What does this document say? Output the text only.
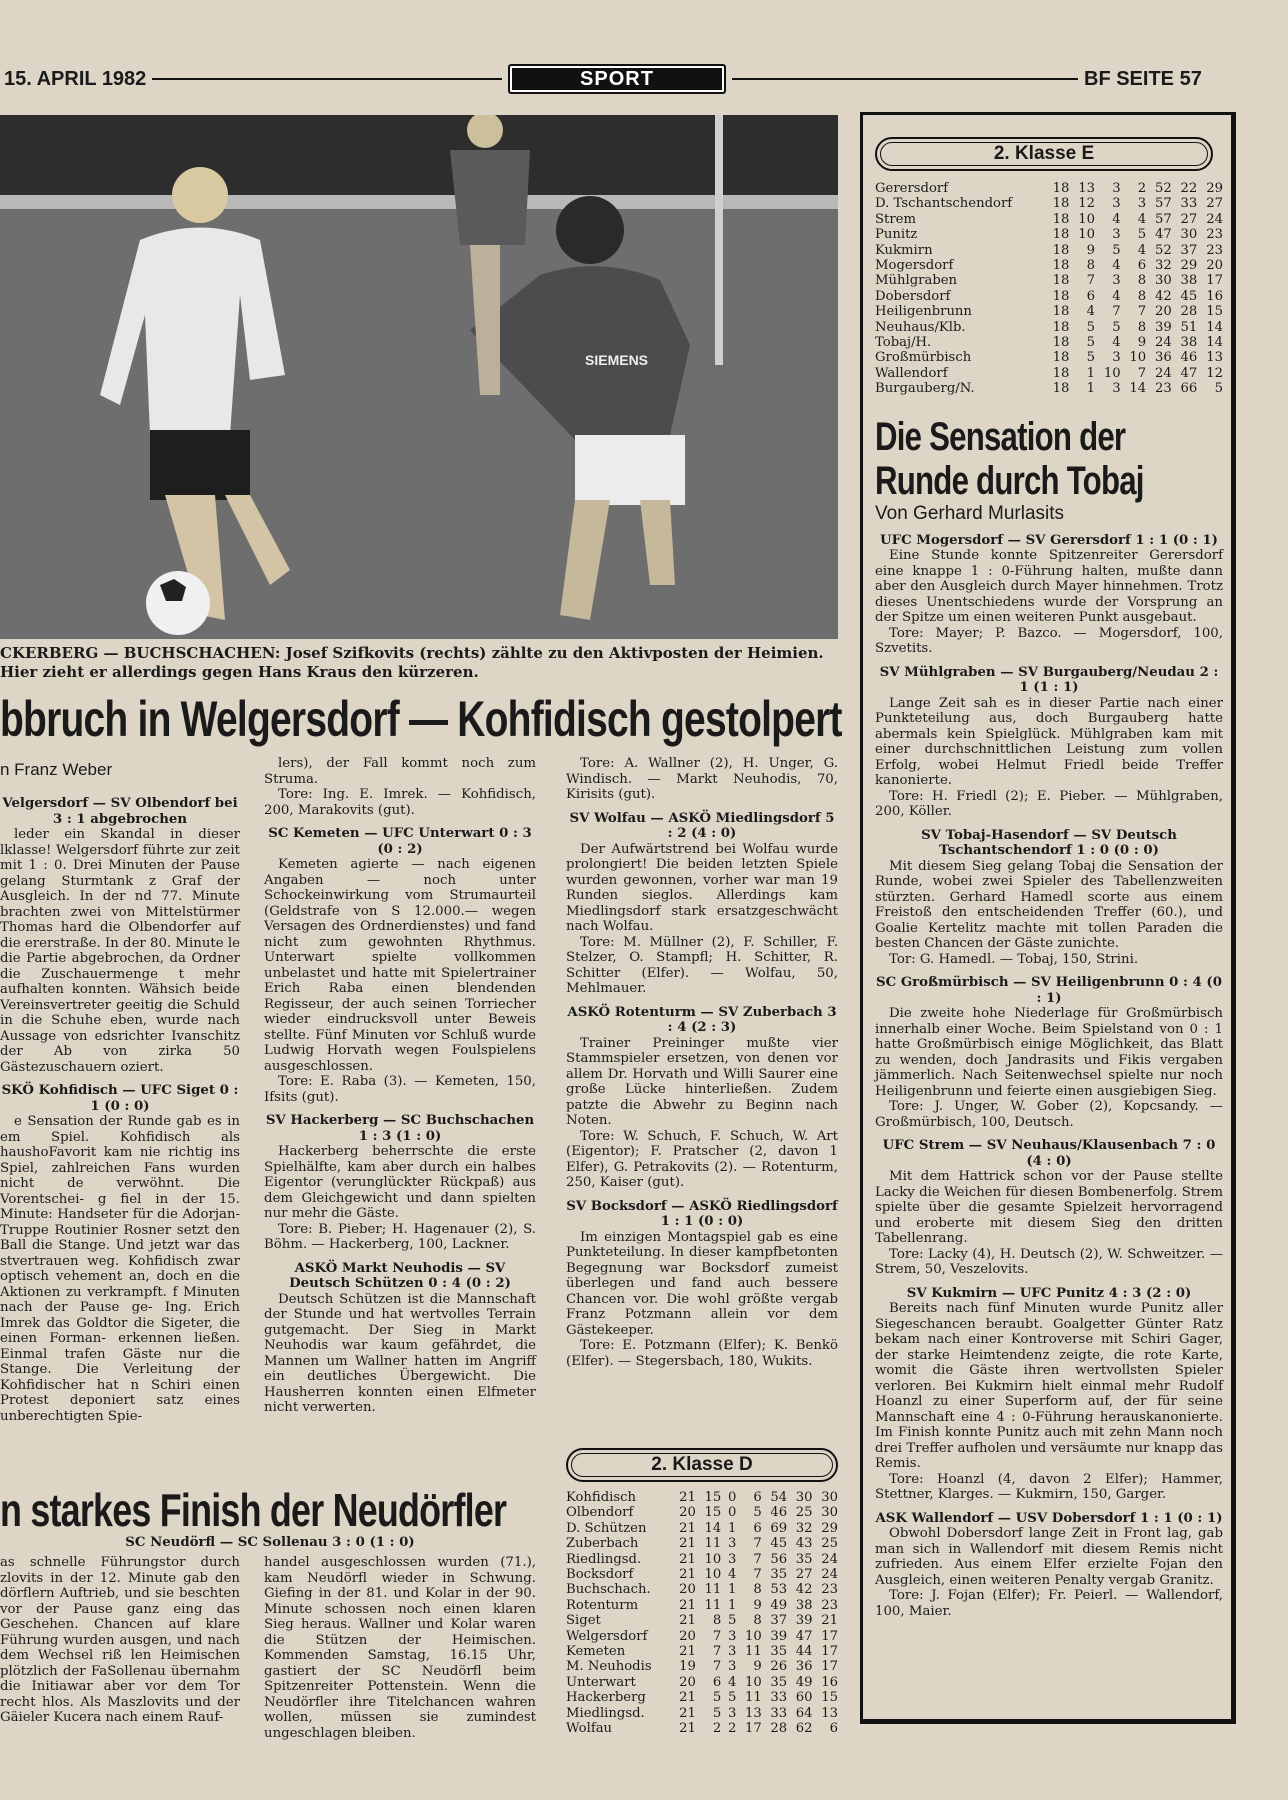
15. APRIL 1982	SPORT	BF SEITE 57
SIEMENS
CKERBERG — BUCHSCHACHEN: Josef Szifkovits (rechts) zählte zu den Aktivposten der Heimien. Hier zieht er allerdings gegen Hans Kraus den kürzeren.
bbruch in Welgersdorf — Kohfidisch gestolpert
n Franz Weber

Velgersdorf — SV Olbendorf bei 3 : 1 abgebrochen

leder ein Skandal in dieser lklasse! Welgersdorf führte zur zeit mit 1 : 0. Drei Minuten der Pause gelang Sturmtank z Graf der Ausgleich. In der nd 77. Minute brachten zwei von Mittelstürmer Thomas hard die Olbendorfer auf die ererstraße. In der 80. Minute le die Partie abgebrochen, da Ordner die Zuschauermenge t mehr aufhalten konnten. Wähsich beide Vereinsvertreter geeitig die Schuld in die Schuhe eben, wurde nach Aussage von edsrichter Ivanschitz der Ab von zirka 50 Gästezuschauern oziert.

SKÖ Kohfidisch — UFC Siget 0 : 1 (0 : 0)

e Sensation der Runde gab es in em Spiel. Kohfidisch als haushoFavorit kam nie richtig ins Spiel, zahlreichen Fans wurden nicht de verwöhnt. Die Vorentschei- g fiel in der 15. Minute: Handseter für die Adorjan-Truppe Routinier Rosner setzt den Ball die Stange. Und jetzt war das stvertrauen weg. Kohfidisch zwar optisch vehement an, doch en die Aktionen zu verkrampft. f Minuten nach der Pause ge- Ing. Erich Imrek das Goldtor die Sigeter, die einen Forman- erkennen ließen. Einmal trafen Gäste nur die Stange. Die Verleitung der Kohfidischer hat n Schiri einen Protest deponiert satz eines unberechtigten Spie-

lers), der Fall kommt noch zum Struma.

Tore: Ing. E. Imrek. — Kohfidisch, 200, Marakovits (gut).

SC Kemeten — UFC Unterwart 0 : 3 (0 : 2)

Kemeten agierte — nach eigenen Angaben — noch unter Schockeinwirkung vom Strumaurteil (Geldstrafe von S 12.000.— wegen Versagen des Ordnerdienstes) und fand nicht zum gewohnten Rhythmus. Unterwart spielte vollkommen unbelastet und hatte mit Spielertrainer Erich Raba einen blendenden Regisseur, der auch seinen Torriecher wieder eindrucksvoll unter Beweis stellte. Fünf Minuten vor Schluß wurde Ludwig Horvath wegen Foulspielens ausgeschlossen.

Tore: E. Raba (3). — Kemeten, 150, Ifsits (gut).

SV Hackerberg — SC Buchschachen 1 : 3 (1 : 0)

Hackerberg beherrschte die erste Spielhälfte, kam aber durch ein halbes Eigentor (verunglückter Rückpaß) aus dem Gleichgewicht und dann spielten nur mehr die Gäste.

Tore: B. Pieber; H. Hagenauer (2), S. Böhm. — Hackerberg, 100, Lackner.

ASKÖ Markt Neuhodis — SV Deutsch Schützen 0 : 4 (0 : 2)

Deutsch Schützen ist die Mannschaft der Stunde und hat wertvolles Terrain gutgemacht. Der Sieg in Markt Neuhodis war kaum gefährdet, die Mannen um Wallner hatten im Angriff ein deutliches Übergewicht. Die Hausherren konnten einen Elfmeter nicht verwerten.

Tore: A. Wallner (2), H. Unger, G. Windisch. — Markt Neuhodis, 70, Kirisits (gut).

SV Wolfau — ASKÖ Miedlingsdorf 5 : 2 (4 : 0)

Der Aufwärtstrend bei Wolfau wurde prolongiert! Die beiden letzten Spiele wurden gewonnen, vorher war man 19 Runden sieglos. Allerdings kam Miedlingsdorf stark ersatzgeschwächt nach Wolfau.

Tore: M. Müllner (2), F. Schiller, F. Stelzer, O. Stampfl; H. Schitter, R. Schitter (Elfer). — Wolfau, 50, Mehlmauer.

ASKÖ Rotenturm — SV Zuberbach 3 : 4 (2 : 3)

Trainer Preininger mußte vier Stammspieler ersetzen, von denen vor allem Dr. Horvath und Willi Saurer eine große Lücke hinterließen. Zudem patzte die Abwehr zu Beginn nach Noten.

Tore: W. Schuch, F. Schuch, W. Art (Eigentor); F. Pratscher (2, davon 1 Elfer), G. Petrakovits (2). — Rotenturm, 250, Kaiser (gut).

SV Bocksdorf — ASKÖ Riedlingsdorf 1 : 1 (0 : 0)

Im einzigen Montagspiel gab es eine Punkteteilung. In dieser kampfbetonten Begegnung war Bocksdorf zumeist überlegen und fand auch bessere Chancen vor. Die wohl größte vergab Franz Potzmann allein vor dem Gästekeeper.

Tore: E. Potzmann (Elfer); K. Benkö (Elfer). — Stegersbach, 180, Wukits.

2. Klasse D
Kohfidisch	21	15	0	6	54	30	30
Olbendorf	20	15	0	5	46	25	30
D. Schützen	21	14	1	6	69	32	29
Zuberbach	21	11	3	7	45	43	25
Riedlingsd.	21	10	3	7	56	35	24
Bocksdorf	21	10	4	7	35	27	24
Buchschach.	20	11	1	8	53	42	23
Rotenturm	21	11	1	9	49	38	23
Siget	21	8	5	8	37	39	21
Welgersdorf	20	7	3	10	39	47	17
Kemeten	21	7	3	11	35	44	17
M. Neuhodis	19	7	3	9	26	36	17
Unterwart	20	6	4	10	35	49	16
Hackerberg	21	5	5	11	33	60	15
Miedlingsd.	21	5	3	13	33	64	13
Wolfau	21	2	2	17	28	62	6
n starkes Finish der Neudörfler
SC Neudörfl — SC Sollenau 3 : 0 (1 : 0)
as schnelle Führungstor durch zlovits in der 12. Minute gab den dörflern Auftrieb, und sie beschten vor der Pause ganz eing das Geschehen. Chancen auf klare Führung wurden ausgen, und nach dem Wechsel riß len Heimischen plötzlich der FaSollenau übernahm die Initiawar aber vor dem Tor recht hlos. Als Maszlovits und der Gäieler Kucera nach einem Rauf-
handel ausgeschlossen wurden (71.), kam Neudörfl wieder in Schwung. Giefing in der 81. und Kolar in der 90. Minute schossen noch einen klaren Sieg heraus. Wallner und Kolar waren die Stützen der Heimischen. Kommenden Samstag, 16.15 Uhr, gastiert der SC Neudörfl beim Spitzenreiter Pottenstein. Wenn die Neudörfler ihre Titelchancen wahren wollen, müssen sie zumindest ungeschlagen bleiben.
2. Klasse E
Gerersdorf	18	13	3	2	52	22	29
D. Tschantschendorf	18	12	3	3	57	33	27
Strem	18	10	4	4	57	27	24
Punitz	18	10	3	5	47	30	23
Kukmirn	18	9	5	4	52	37	23
Mogersdorf	18	8	4	6	32	29	20
Mühlgraben	18	7	3	8	30	38	17
Dobersdorf	18	6	4	8	42	45	16
Heiligenbrunn	18	4	7	7	20	28	15
Neuhaus/Klb.	18	5	5	8	39	51	14
Tobaj/H.	18	5	4	9	24	38	14
Großmürbisch	18	5	3	10	36	46	13
Wallendorf	18	1	10	7	24	47	12
Burgauberg/N.	18	1	3	14	23	66	5
Die Sensation der
Runde durch Tobaj
Von Gerhard Murlasits

UFC Mogersdorf — SV Gerersdorf 1 : 1 (0 : 1)

Eine Stunde konnte Spitzenreiter Gerersdorf eine knappe 1 : 0-Führung halten, mußte dann aber den Ausgleich durch Mayer hinnehmen. Trotz dieses Unentschiedens wurde der Vorsprung an der Spitze um einen weiteren Punkt ausgebaut.

Tore: Mayer; P. Bazco. — Mogersdorf, 100, Szvetits.

SV Mühlgraben — SV Burgauberg/Neudau 2 : 1 (1 : 1)

Lange Zeit sah es in dieser Partie nach einer Punkteteilung aus, doch Burgauberg hatte abermals kein Spielglück. Mühlgraben kam mit einer durchschnittlichen Leistung zum vollen Erfolg, wobei Helmut Friedl beide Treffer kanonierte.

Tore: H. Friedl (2); E. Pieber. — Mühlgraben, 200, Köller.

SV Tobaj-Hasendorf — SV Deutsch Tschantschendorf 1 : 0 (0 : 0)

Mit diesem Sieg gelang Tobaj die Sensation der Runde, wobei zwei Spieler des Tabellenzweiten stürzten. Gerhard Hamedl scorte aus einem Freistoß den entscheidenden Treffer (60.), und Goalie Kertelitz machte mit tollen Paraden die besten Chancen der Gäste zunichte.

Tor: G. Hamedl. — Tobaj, 150, Strini.

SC Großmürbisch — SV Heiligenbrunn 0 : 4 (0 : 1)

Die zweite hohe Niederlage für Großmürbisch innerhalb einer Woche. Beim Spielstand von 0 : 1 hatte Großmürbisch einige Möglichkeit, das Blatt zu wenden, doch Jandrasits und Fikis vergaben jämmerlich. Nach Seitenwechsel spielte nur noch Heiligenbrunn und feierte einen ausgiebigen Sieg.

Tore: J. Unger, W. Gober (2), Kopcsandy. — Großmürbisch, 100, Deutsch.

UFC Strem — SV Neuhaus/Klausenbach 7 : 0 (4 : 0)

Mit dem Hattrick schon vor der Pause stellte Lacky die Weichen für diesen Bombenerfolg. Strem spielte über die gesamte Spielzeit hervorragend und eroberte mit diesem Sieg den dritten Tabellenrang.

Tore: Lacky (4), H. Deutsch (2), W. Schweitzer. — Strem, 50, Veszelovits.

SV Kukmirn — UFC Punitz 4 : 3 (2 : 0)

Bereits nach fünf Minuten wurde Punitz aller Siegeschancen beraubt. Goalgetter Günter Ratz bekam nach einer Kontroverse mit Schiri Gager, der starke Heimtendenz zeigte, die rote Karte, womit die Gäste ihren wertvollsten Spieler verloren. Bei Kukmirn hielt einmal mehr Rudolf Hoanzl zu einer Superform auf, der für seine Mannschaft eine 4 : 0-Führung herauskanonierte. Im Finish konnte Punitz auch mit zehn Mann noch drei Treffer aufholen und versäumte nur knapp das Remis.

Tore: Hoanzl (4, davon 2 Elfer); Hammer, Stettner, Klarges. — Kukmirn, 150, Garger.

ASK Wallendorf — USV Dobersdorf 1 : 1 (0 : 1)

Obwohl Dobersdorf lange Zeit in Front lag, gab man sich in Wallendorf mit diesem Remis nicht zufrieden. Aus einem Elfer erzielte Fojan den Ausgleich, einen weiteren Penalty vergab Granitz.

Tore: J. Fojan (Elfer); Fr. Peierl. — Wallendorf, 100, Maier.
